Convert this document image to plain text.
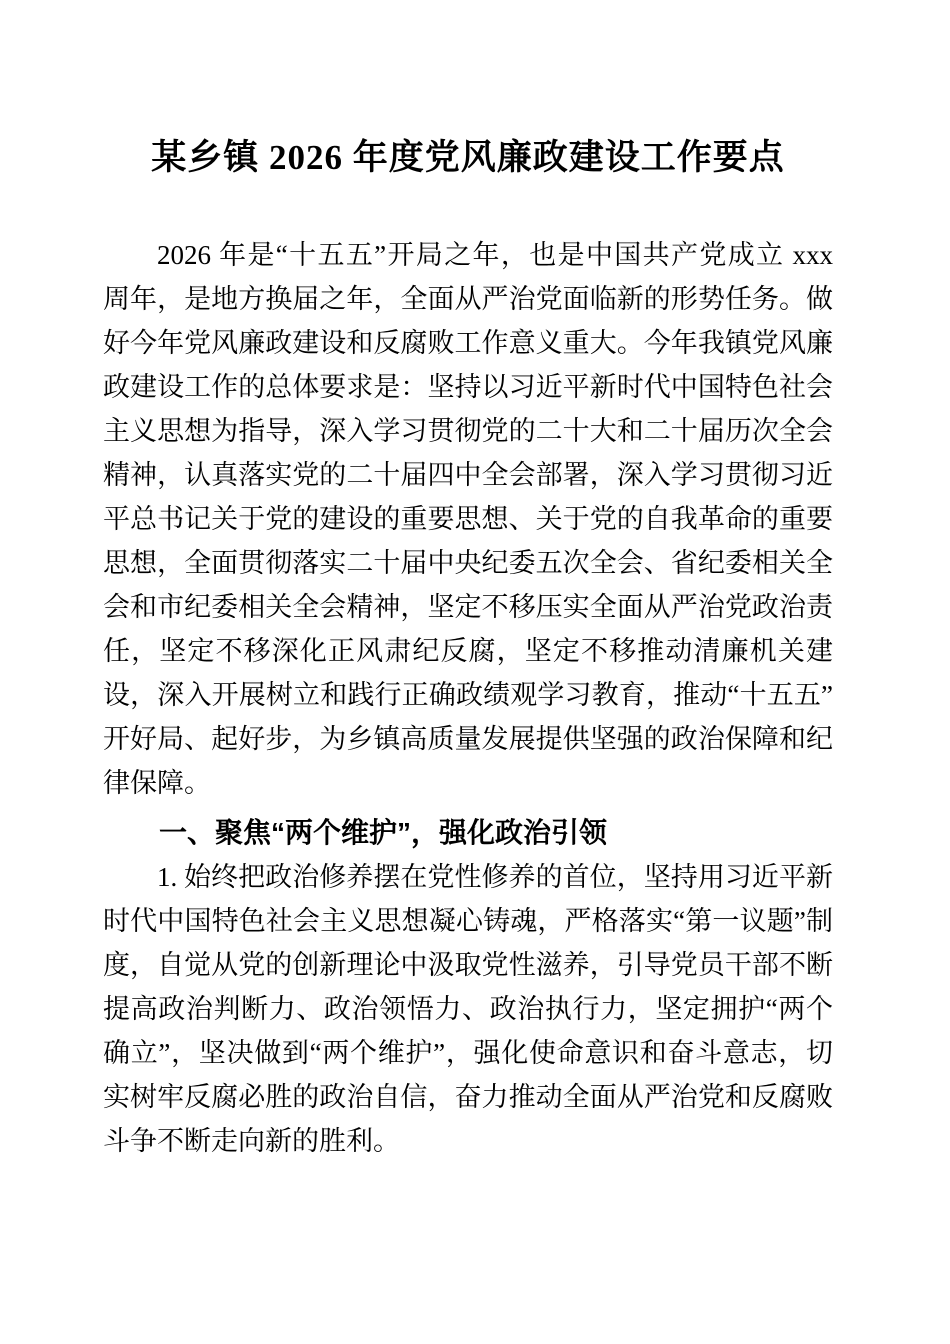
某乡镇 2026 年度党风廉政建设工作要点

2026 年是“十五五”开局之年，也是中国共产党成立 xxx 周年，是地方换届之年，全面从严治党面临新的形势任务。做好今年党风廉政建设和反腐败工作意义重大。今年我镇党风廉政建设工作的总体要求是：坚持以习近平新时代中国特色社会主义思想为指导，深入学习贯彻党的二十大和二十届历次全会精神，认真落实党的二十届四中全会部署，深入学习贯彻习近平总书记关于党的建设的重要思想、关于党的自我革命的重要思想，全面贯彻落实二十届中央纪委五次全会、省纪委相关全会和市纪委相关全会精神，坚定不移压实全面从严治党政治责任，坚定不移深化正风肃纪反腐，坚定不移推动清廉机关建设，深入开展树立和践行正确政绩观学习教育，推动“十五五”开好局、起好步，为乡镇高质量发展提供坚强的政治保障和纪律保障。

一、聚焦“两个维护”，强化政治引领

1. 始终把政治修养摆在党性修养的首位，坚持用习近平新时代中国特色社会主义思想凝心铸魂，严格落实“第一议题”制度，自觉从党的创新理论中汲取党性滋养，引导党员干部不断提高政治判断力、政治领悟力、政治执行力，坚定拥护“两个确立”，坚决做到“两个维护”，强化使命意识和奋斗意志，切实树牢反腐必胜的政治自信，奋力推动全面从严治党和反腐败斗争不断走向新的胜利。
